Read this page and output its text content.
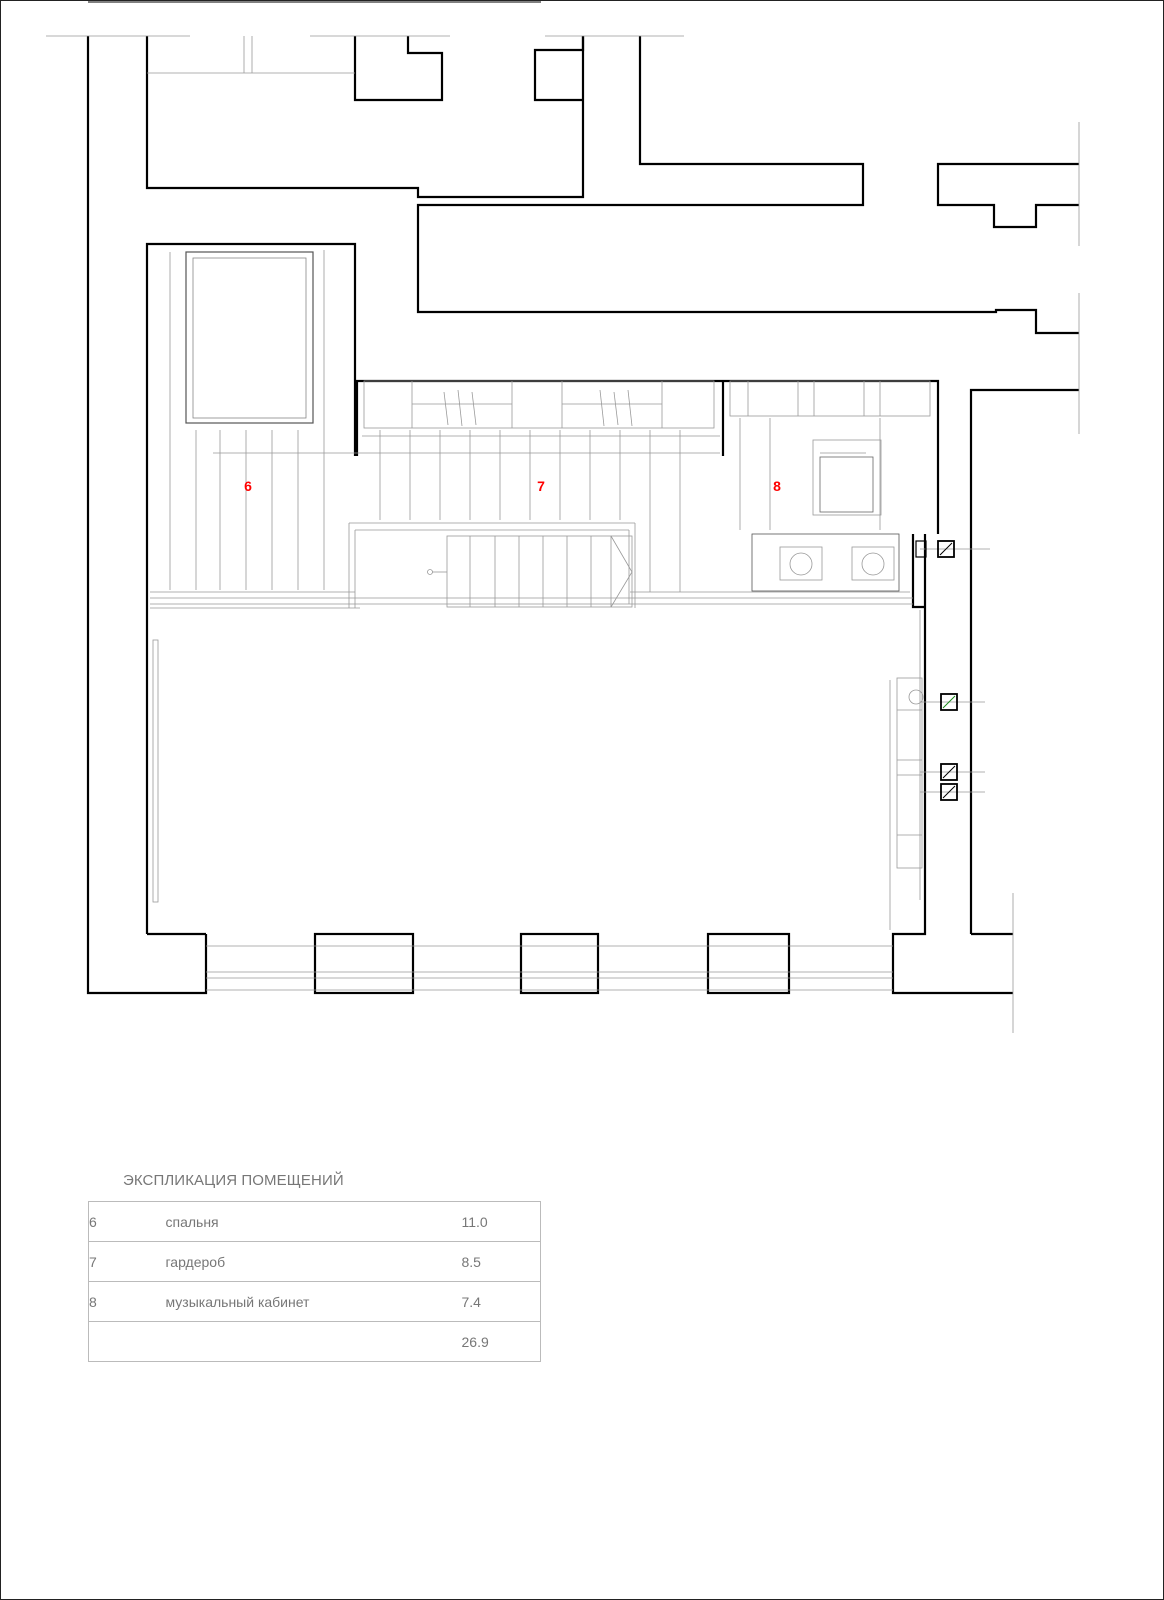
6	7	8
ЭКСПЛИКАЦИЯ ПОМЕЩЕНИЙ
6	спальня	11.0
7	гардероб	8.5
8	музыкальный кабинет	7.4
		26.9
